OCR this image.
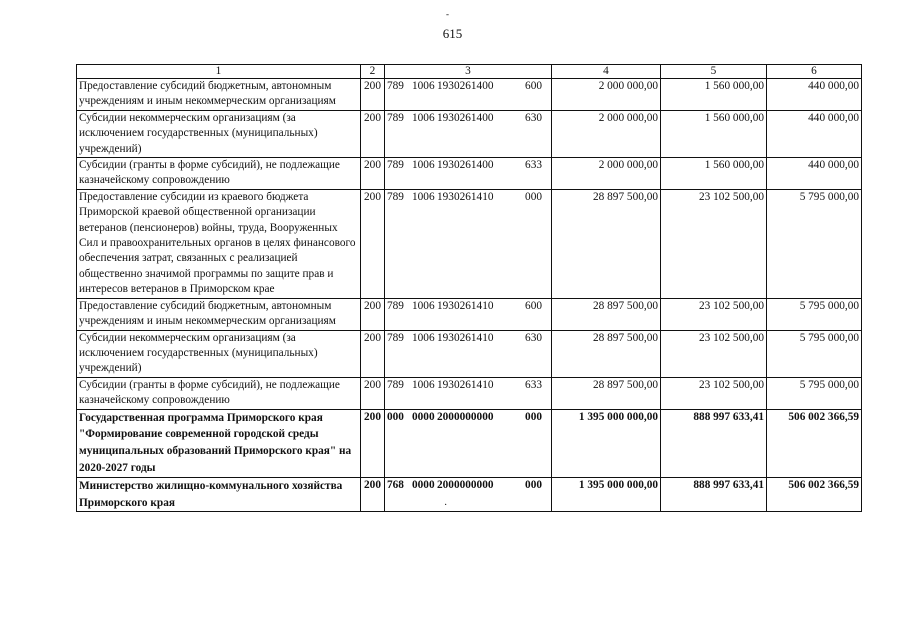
-
615
1	2	3	4	5	6
Предоставление субсидий бюджетным, автономным учреждениям и иным некоммерческим организациям	200	789 1006 1930261400 600	2 000 000,00	1 560 000,00	440 000,00
Субсидии некоммерческим организациям (за исключением государственных (муниципальных) учреждений)	200	789 1006 1930261400 630	2 000 000,00	1 560 000,00	440 000,00
Субсидии (гранты в форме субсидий), не подлежащие казначейскому сопровождению	200	789 1006 1930261400 633	2 000 000,00	1 560 000,00	440 000,00
Предоставление субсидии из краевого бюджета Приморской краевой общественной организации ветеранов (пенсионеров) войны, труда, Вооруженных Сил и правоохранительных органов в целях финансового обеспечения затрат, связанных с реализацией общественно значимой программы по защите прав и интересов ветеранов в Приморском крае	200	789 1006 1930261410 000	28 897 500,00	23 102 500,00	5 795 000,00
Предоставление субсидий бюджетным, автономным учреждениям и иным некоммерческим организациям	200	789 1006 1930261410 600	28 897 500,00	23 102 500,00	5 795 000,00
Субсидии некоммерческим организациям (за исключением государственных (муниципальных) учреждений)	200	789 1006 1930261410 630	28 897 500,00	23 102 500,00	5 795 000,00
Субсидии (гранты в форме субсидий), не подлежащие казначейскому сопровождению	200	789 1006 1930261410 633	28 897 500,00	23 102 500,00	5 795 000,00
Государственная программа Приморского края "Формирование современной городской среды муниципальных образований Приморского края" на 2020-2027 годы	200	000 0000 2000000000 000	1 395 000 000,00	888 997 633,41	506 002 366,59
Министерство жилищно-коммунального хозяйства Приморского края	200	768 0000 2000000000 000	1 395 000 000,00	888 997 633,41	506 002 366,59
·
